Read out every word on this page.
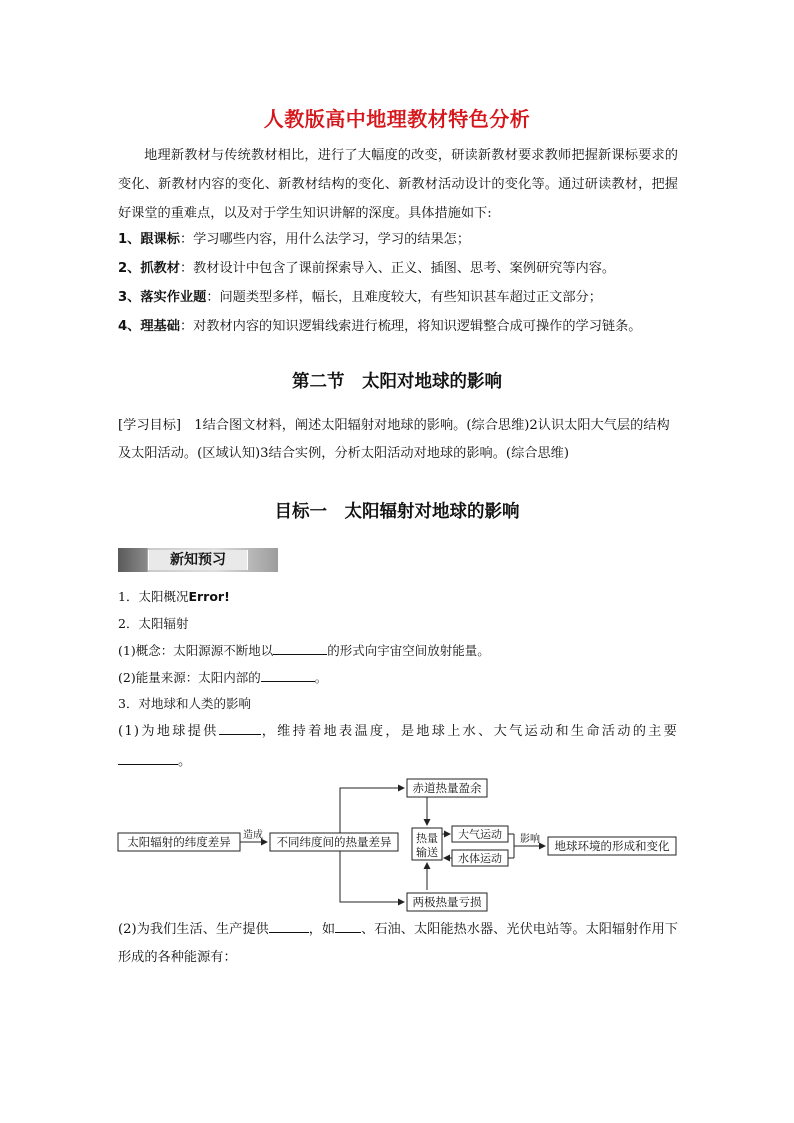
人教版高中地理教材特色分析
地理新教材与传统教材相比，进行了大幅度的改变，研读新教材要求教师把握新课标要求的变化、新教材内容的变化、新教材结构的变化、新教材活动设计的变化等。通过研读教材，把握好课堂的重难点，以及对于学生知识讲解的深度。具体措施如下:
1、跟课标：学习哪些内容，用什么法学习，学习的结果怎；
2、抓教材：教材设计中包含了课前探索导入、正义、插图、思考、案例研究等内容。
3、落实作业题：问题类型多样，幅长，且难度较大，有些知识甚车超过正文部分；
4、理基础：对教材内容的知识逻辑线索进行梳理，将知识逻辑整合成可操作的学习链条。
第二节　太阳对地球的影响
[学习目标]　1结合图文材料，阐述太阳辐射对地球的影响。(综合思维)2认识太阳大气层的结构及太阳活动。(区域认知)3结合实例，分析太阳活动对地球的影响。(综合思维)
目标一　太阳辐射对地球的影响
新知预习
1．太阳概况Error!
2．太阳辐射
(1)概念：太阳源源不断地以	的形式向宇宙空间放射能量。
(2)能量来源：太阳内部的	。
3．对地球和人类的影响
(1)为地球提供	，维持着地表温度，是地球上水、大气运动和生命活动的主要。
太阳辐射的纬度差异 造成 不同纬度间的热量差异
赤道热量盈余
两极热量亏损
热量
输送
大气运动
水体运动
影响 地球环境的形成和变化
(2)为我们生活、生产提供	，如 、石油、太阳能热水器、光伏电站等。太阳辐射作用下形成的各种能源有：
